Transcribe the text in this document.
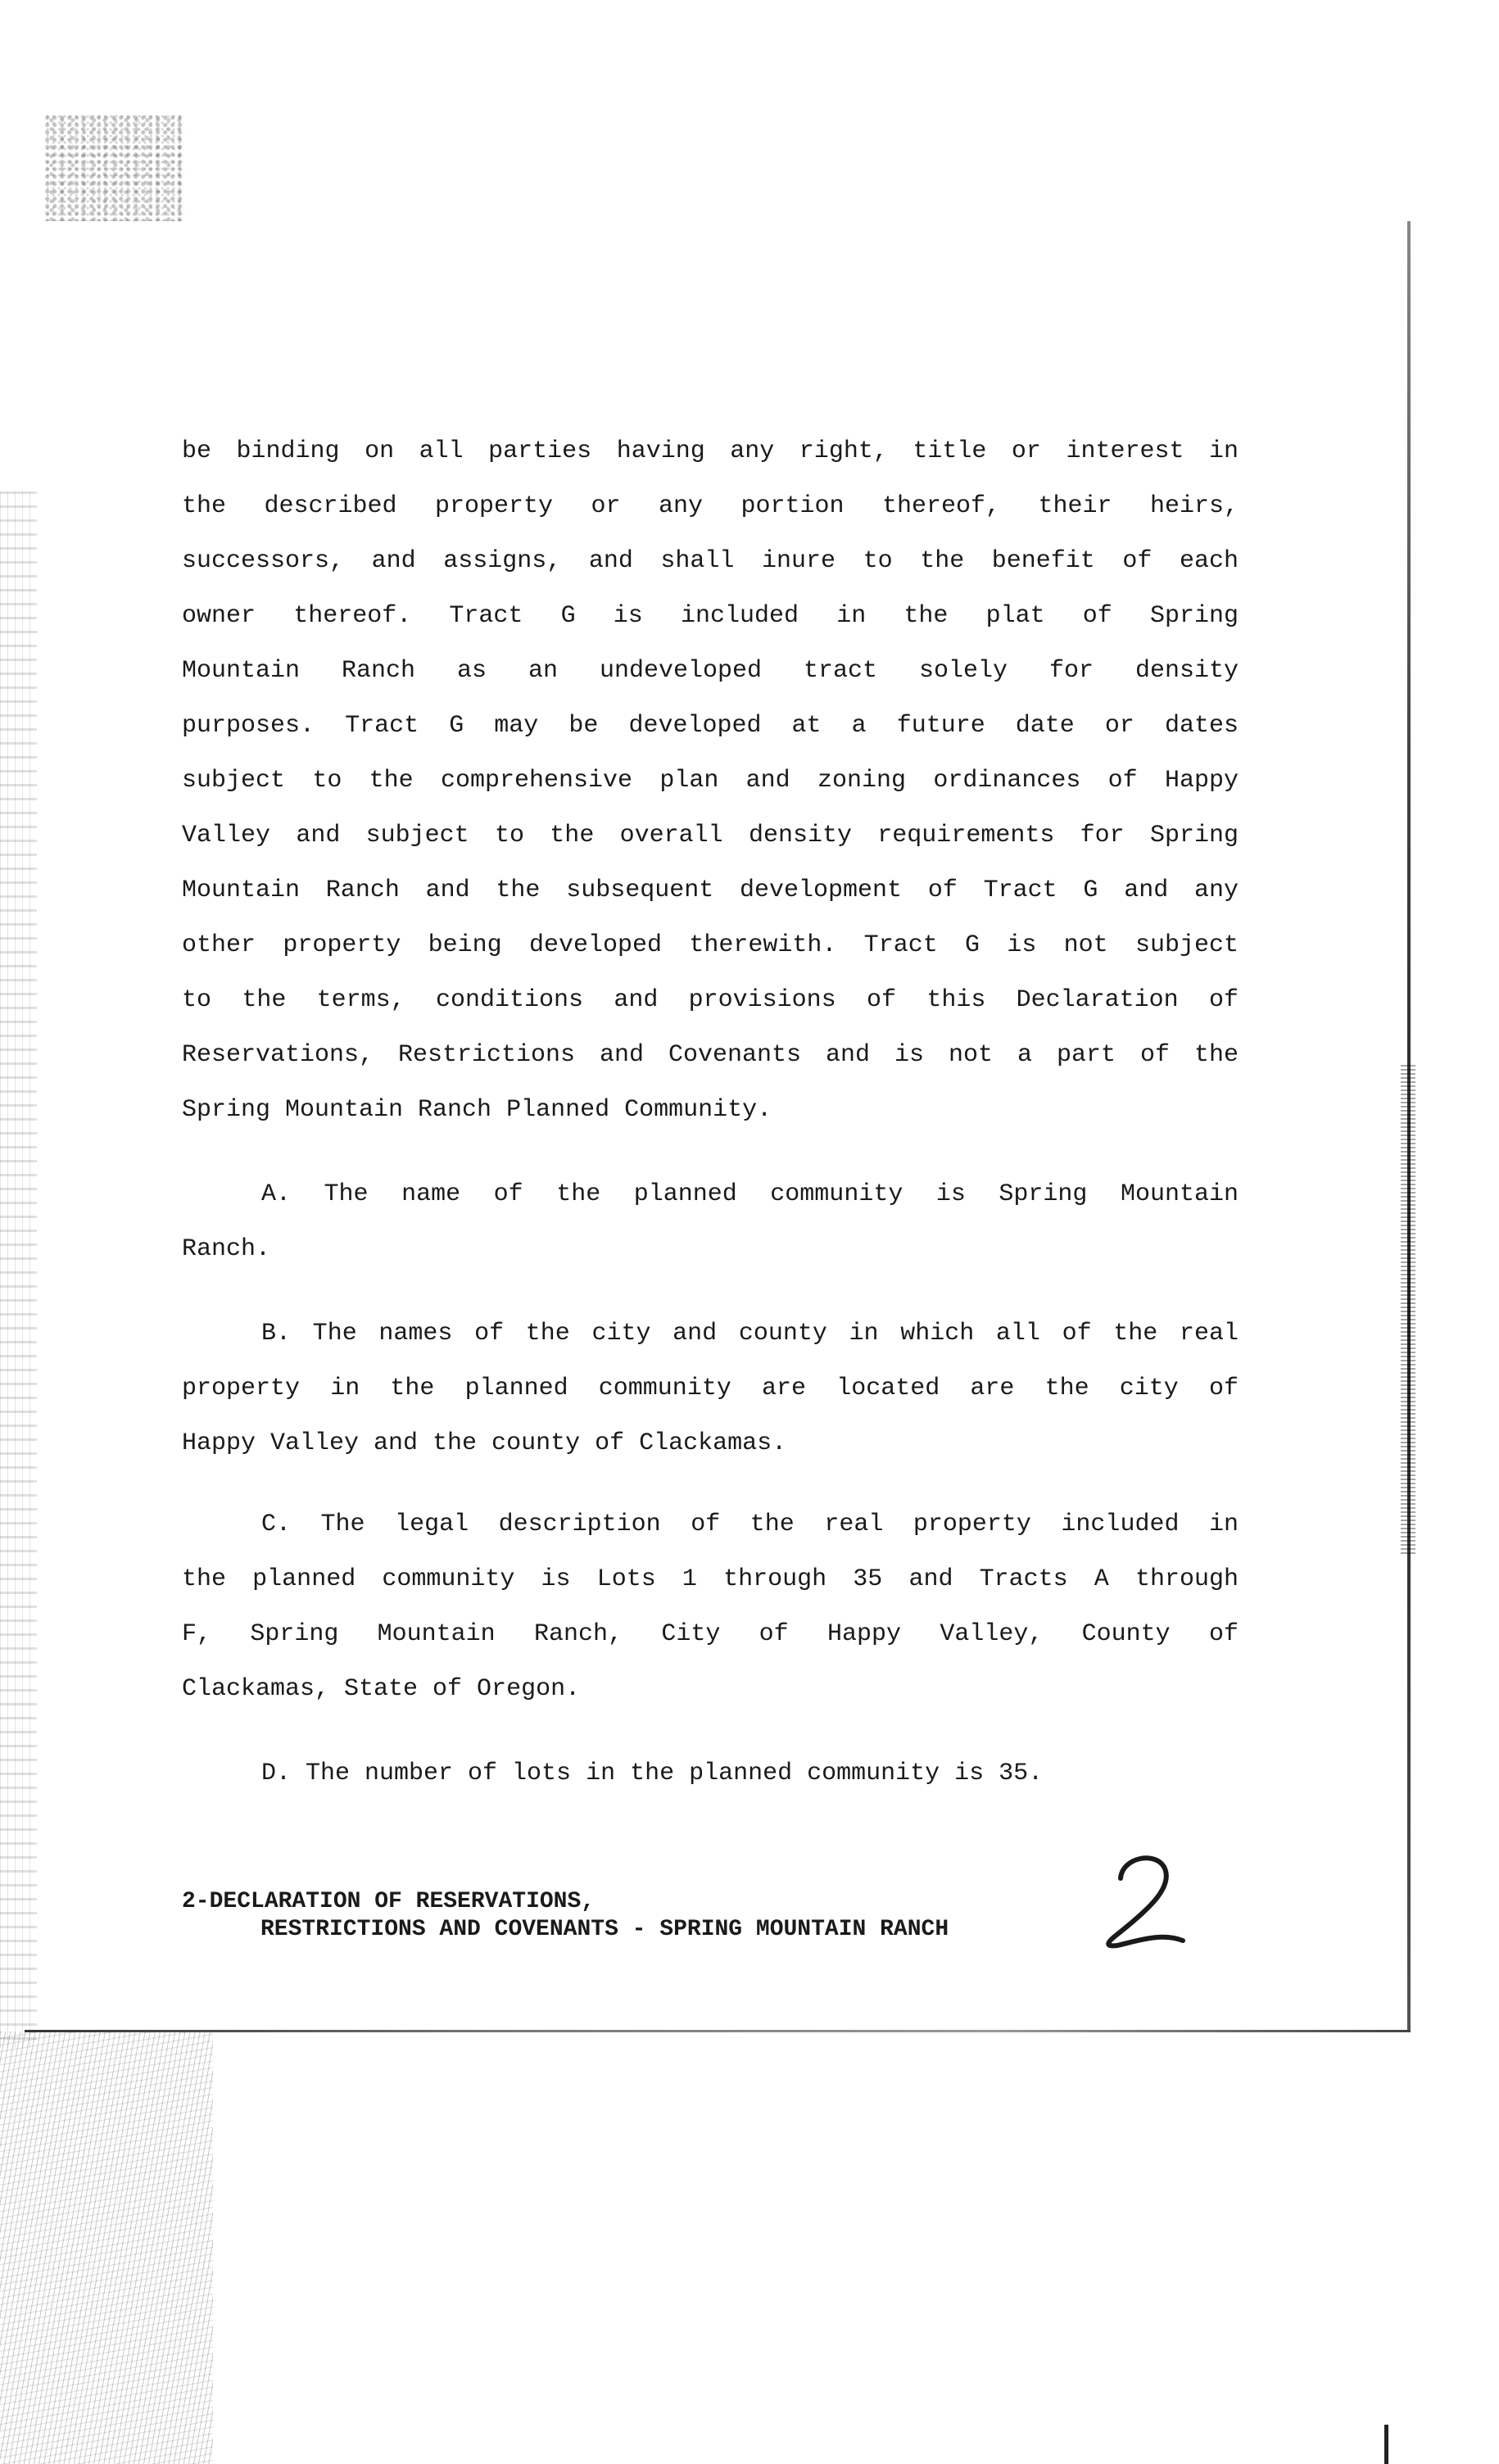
be binding on all parties having any right, title or interest in
the described property or any portion thereof, their heirs,
successors, and assigns, and shall inure to the benefit of each
owner thereof. Tract G is included in the plat of Spring
Mountain Ranch as an undeveloped tract solely for density
purposes. Tract G may be developed at a future date or dates
subject to the comprehensive plan and zoning ordinances of Happy
Valley and subject to the overall density requirements for Spring
Mountain Ranch and the subsequent development of Tract G and any
other property being developed therewith. Tract G is not subject
to the terms, conditions and provisions of this Declaration of
Reservations, Restrictions and Covenants and is not a part of the
Spring Mountain Ranch Planned Community.
A. The name of the planned community is Spring Mountain
Ranch.
B. The names of the city and county in which all of the real
property in the planned community are located are the city of
Happy Valley and the county of Clackamas.
C. The legal description of the real property included in
the planned community is Lots 1 through 35 and Tracts A through
F, Spring Mountain Ranch, City of Happy Valley, County of
Clackamas, State of Oregon.
D. The number of lots in the planned community is 35.
2-DECLARATION OF RESERVATIONS,
RESTRICTIONS AND COVENANTS - SPRING MOUNTAIN RANCH
